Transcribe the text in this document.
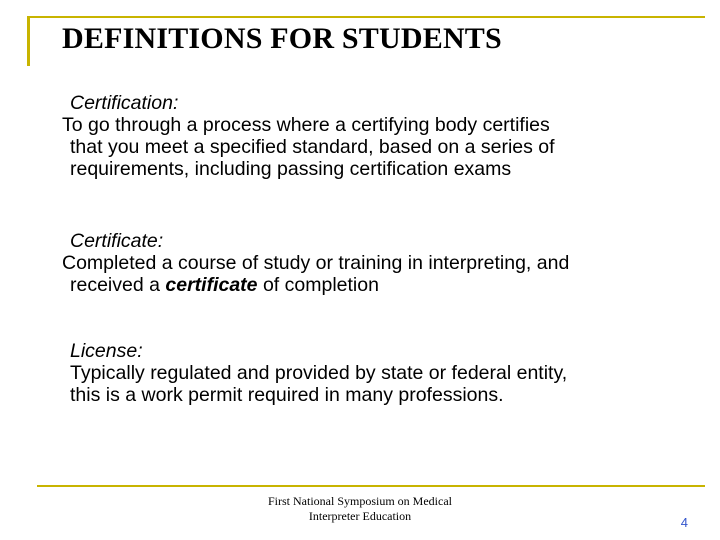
DEFINITIONS FOR STUDENTS
Certification:
To go through a process where a certifying body certifies
that you meet a specified standard, based on a series of
requirements, including passing certification exams
Certificate:
Completed a course of study or training in interpreting, and
received a certificate of completion
License:
Typically regulated and provided by state or federal entity,
this is a work permit required in many professions.
First National Symposium on Medical
Interpreter Education	4
